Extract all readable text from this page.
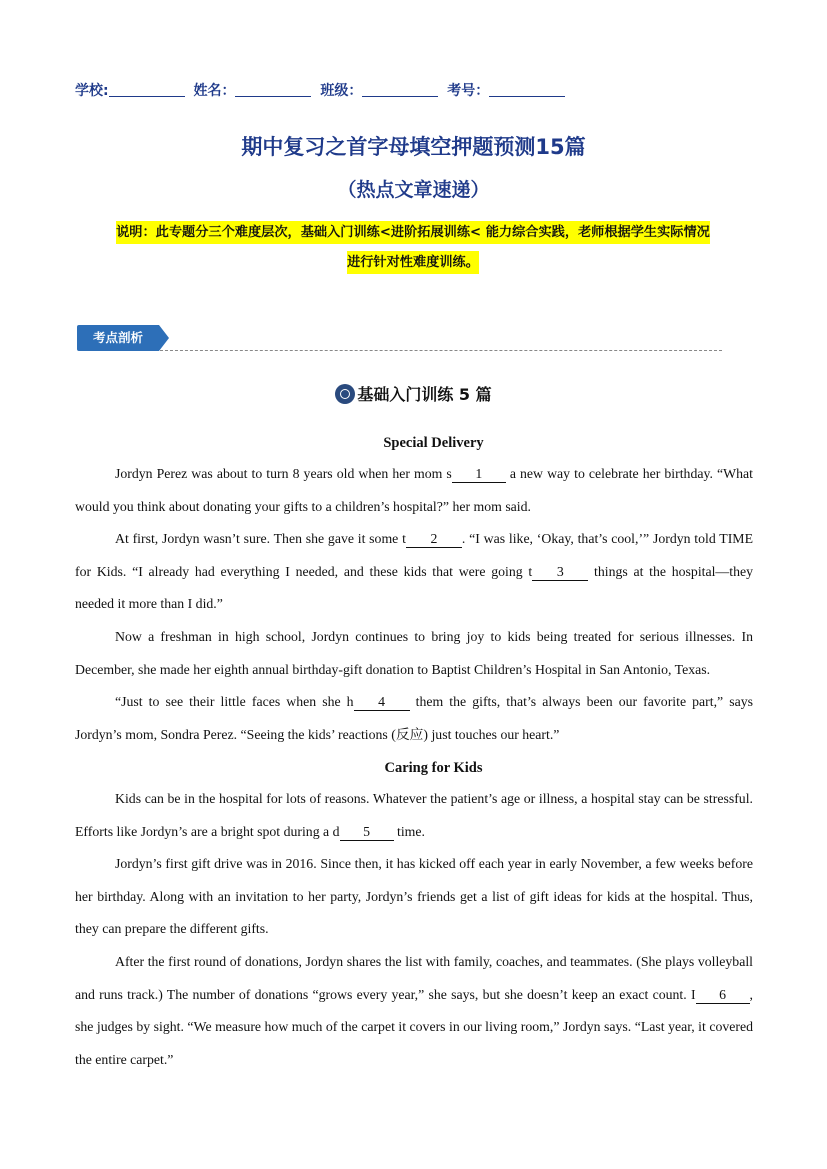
学校:	姓名：	班级：	考号：
期中复习之首字母填空押题预测15篇
（热点文章速递）
说明：此专题分三个难度层次，基础入门训练<进阶拓展训练< 能力综合实践，老师根据学生实际情况
进行针对性难度训练。
考点剖析
基础入门训练 5 篇
Special Delivery
Jordyn Perez was about to turn 8 years old when her mom s 1 a new way to celebrate her birthday. “What would you think about donating your gifts to a children’s hospital?” her mom said.
At first, Jordyn wasn’t sure. Then she gave it some t 2 . “I was like, ‘Okay, that’s cool,’” Jordyn told TIME for Kids. “I already had everything I needed, and these kids that were going t 3 things at the hospital—they needed it more than I did.”
Now a freshman in high school, Jordyn continues to bring joy to kids being treated for serious illnesses. In December, she made her eighth annual birthday-gift donation to Baptist Children’s Hospital in San Antonio, Texas.
“Just to see their little faces when she h 4 them the gifts, that’s always been our favorite part,” says Jordyn’s mom, Sondra Perez. “Seeing the kids’ reactions (反应) just touches our heart.”
Caring for Kids
Kids can be in the hospital for lots of reasons. Whatever the patient’s age or illness, a hospital stay can be stressful. Efforts like Jordyn’s are a bright spot during a d 5 time.
Jordyn’s first gift drive was in 2016. Since then, it has kicked off each year in early November, a few weeks before her birthday. Along with an invitation to her party, Jordyn’s friends get a list of gift ideas for kids at the hospital. Thus, they can prepare the different gifts.
After the first round of donations, Jordyn shares the list with family, coaches, and teammates. (She plays volleyball and runs track.) The number of donations “grows every year,” she says, but she doesn’t keep an exact count. I 6 , she judges by sight. “We measure how much of the carpet it covers in our living room,” Jordyn says. “Last year, it covered the entire carpet.”
